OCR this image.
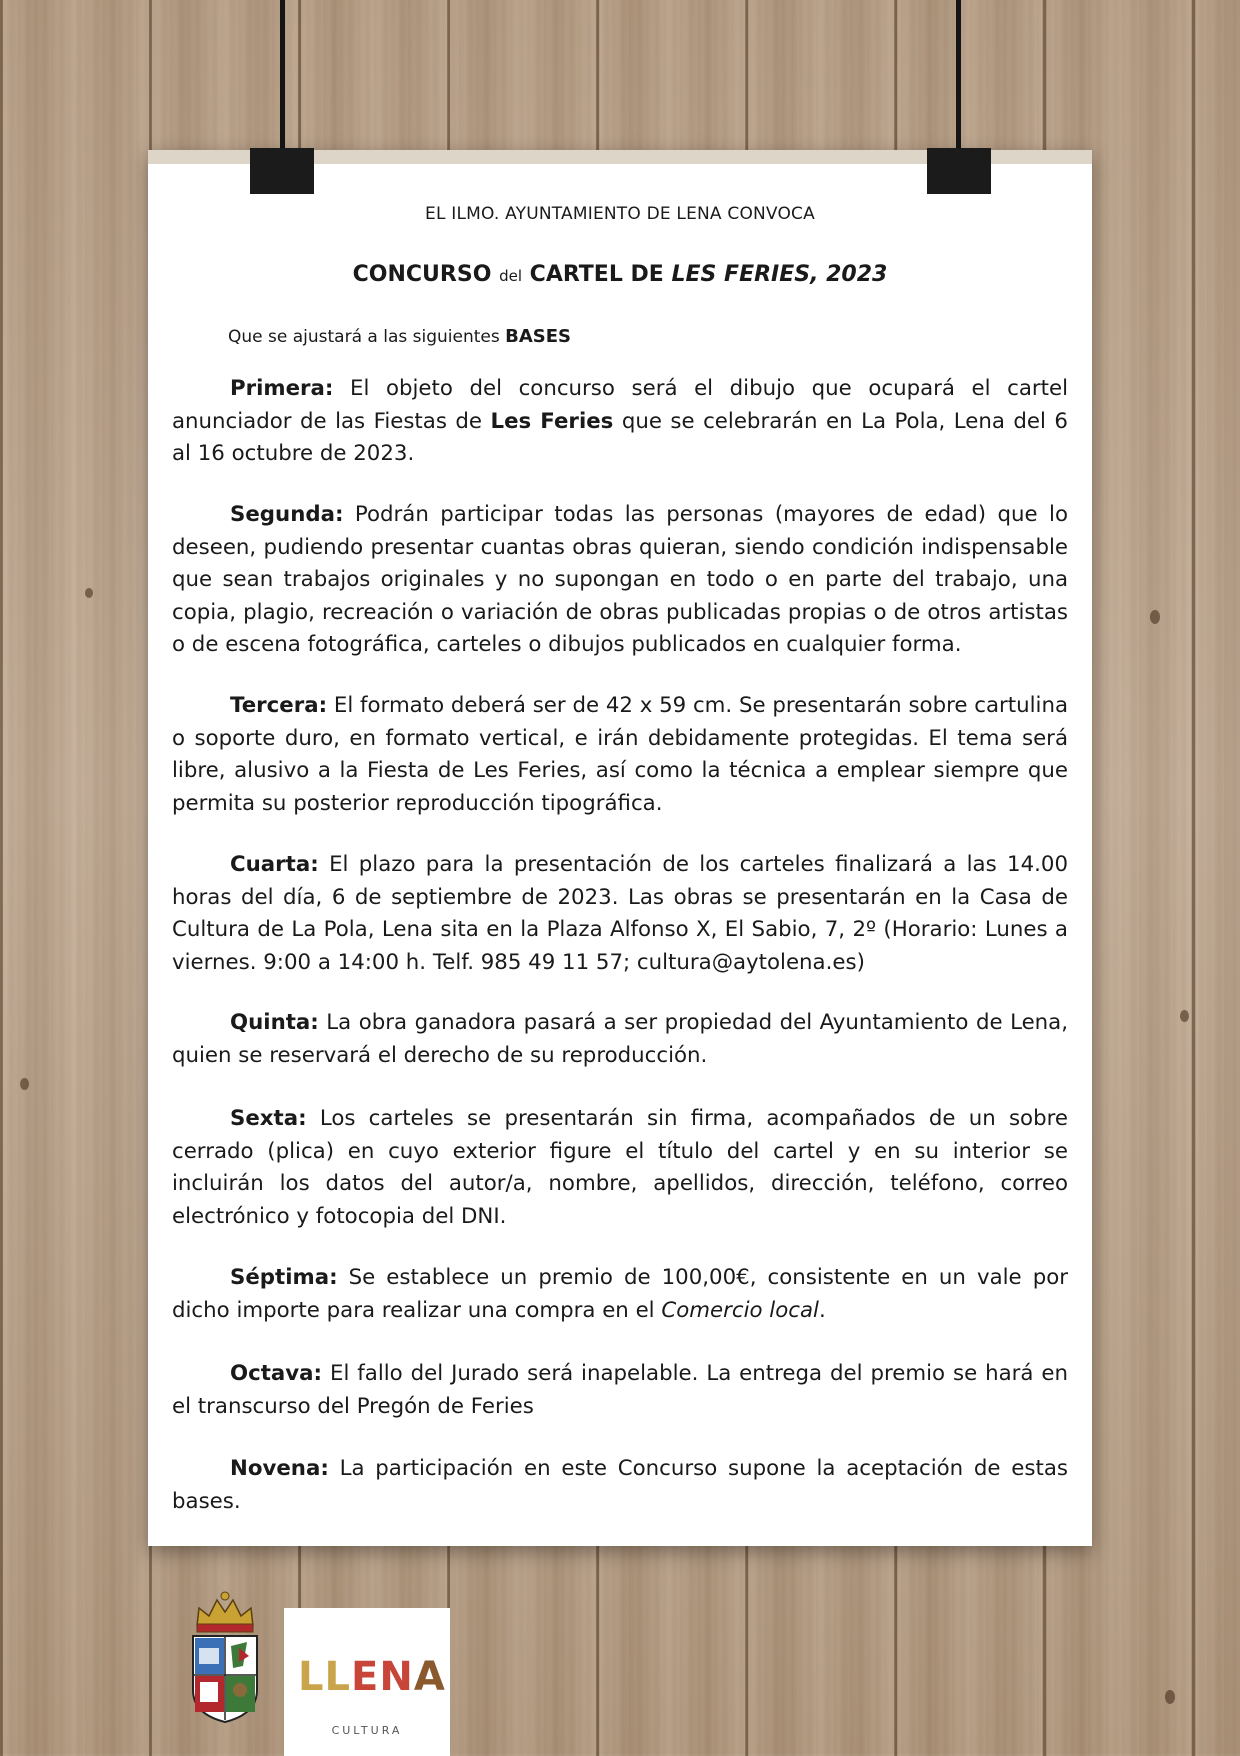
EL ILMO. AYUNTAMIENTO DE LENA CONVOCA
CONCURSO del CARTEL DE LES FERIES, 2023
Que se ajustará a las siguientes BASES

Primera: El objeto del concurso será el dibujo que ocupará el cartel anunciador de las Fiestas de Les Feries que se celebrarán en La Pola, Lena del 6 al 16 octubre de 2023.

Segunda: Podrán participar todas las personas (mayores de edad) que lo deseen, pudiendo presentar cuantas obras quieran, siendo condición indispensable que sean trabajos originales y no supongan en todo o en parte del trabajo, una copia, plagio, recreación o variación de obras publicadas propias o de otros artistas o de escena fotográfica, carteles o dibujos publicados en cualquier forma.

Tercera: El formato deberá ser de 42 x 59 cm. Se presentarán sobre cartulina o soporte duro, en formato vertical, e irán debidamente protegidas. El tema será libre, alusivo a la Fiesta de Les Feries, así como la técnica a emplear siempre que permita su posterior reproducción tipográfica.

Cuarta: El plazo para la presentación de los carteles finalizará a las 14.00 horas del día, 6 de septiembre de 2023. Las obras se presentarán en la Casa de Cultura de La Pola, Lena sita en la Plaza Alfonso X, El Sabio, 7, 2º (Horario: Lunes a viernes. 9:00 a 14:00 h. Telf. 985 49 11 57; cultura@aytolena.es)

Quinta: La obra ganadora pasará a ser propiedad del Ayuntamiento de Lena, quien se reservará el derecho de su reproducción.

Sexta: Los carteles se presentarán sin firma, acompañados de un sobre cerrado (plica) en cuyo exterior figure el título del cartel y en su interior se incluirán los datos del autor/a, nombre, apellidos, dirección, teléfono, correo electrónico y fotocopia del DNI.

Séptima: Se establece un premio de 100,00€, consistente en un vale por dicho importe para realizar una compra en el Comercio local.

Octava: El fallo del Jurado será inapelable. La entrega del premio se hará en el transcurso del Pregón de Feries

Novena: La participación en este Concurso supone la aceptación de estas bases.

LLENA
CULTURA
